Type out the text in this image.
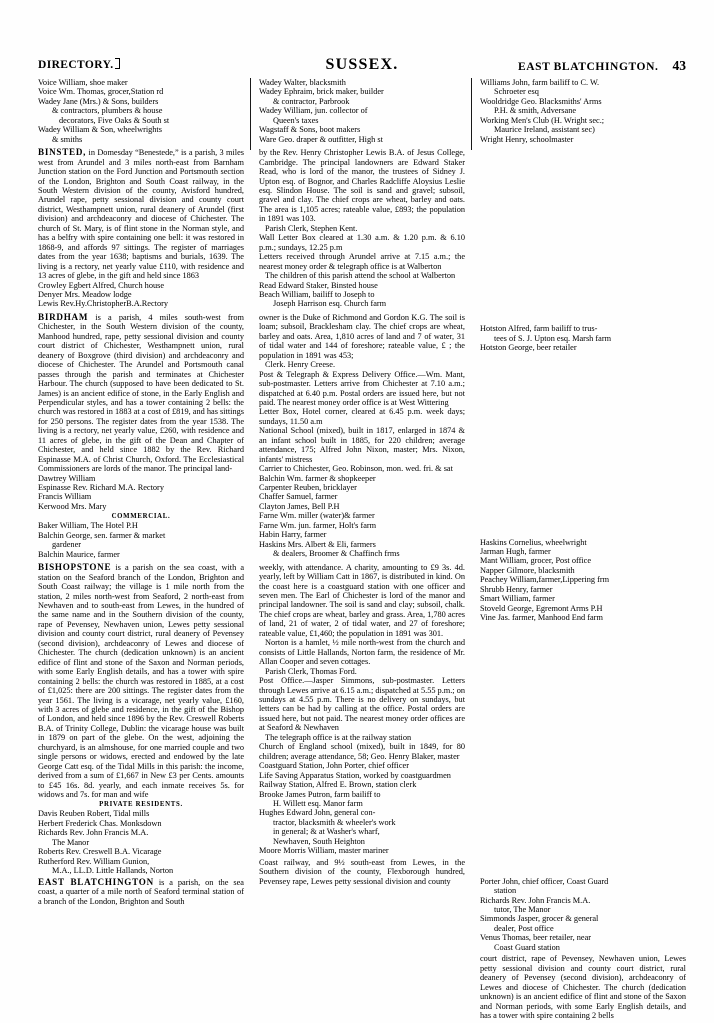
DIRECTORY.	SUSSEX.	EAST BLATCHINGTON. 43
Voice William, shoe maker
Voice Wm. Thomas, grocer,Station rd
Wadey Jane (Mrs.) & Sons, builders
& contractors, plumbers & house
decorators, Five Oaks & South st
Wadey William & Son, wheelwrights
& smiths

BINSTED, in Domesday “Benestede,” is a parish, 3 miles west from Arundel and 3 miles north-east from Barnham Junction station on the Ford Junction and Portsmouth section of the London, Brighton and South Coast railway, in the South Western division of the county, Avisford hundred, Arundel rape, petty sessional division and county court district, Westhampnett union, rural deanery of Arundel (first division) and archdeaconry and diocese of Chichester. The church of St. Mary, is of flint stone in the Norman style, and has a belfry with spire containing one bell: it was restored in 1868-9, and affords 97 sittings. The register of marriages dates from the year 1638; baptisms and burials, 1639. The living is a rectory, net yearly value £110, with residence and 13 acres of glebe, in the gift and held since 1863

Crowley Egbert Alfred, Church house
Denyer Mrs. Meadow lodge
Lewis Rev.Hy.ChristopherB.A.Rectory

BIRDHAM is a parish, 4 miles south-west from Chichester, in the South Western division of the county, Manhood hundred, rape, petty sessional division and county court district of Chichester, Westhampnett union, rural deanery of Boxgrove (third division) and archdeaconry and diocese of Chichester. The Arundel and Portsmouth canal passes through the parish and terminates at Chichester Harbour. The church (supposed to have been dedicated to St. James) is an ancient edifice of stone, in the Early English and Perpendicular styles, and has a tower containing 2 bells: the church was restored in 1883 at a cost of £819, and has sittings for 250 persons. The register dates from the year 1538. The living is a rectory, net yearly value, £260, with residence and 11 acres of glebe, in the gift of the Dean and Chapter of Chichester, and held since 1882 by the Rev. Richard Espinasse M.A. of Christ Church, Oxford. The Ecclesiastical Commissioners are lords of the manor. The principal land-

Dawtrey William
Espinasse Rev. Richard M.A. Rectory
Francis William
Kerwood Mrs. Mary
COMMERCIAL.
Baker William, The Hotel P.H
Balchin George, sen. farmer & market
gardener
Balchin Maurice, farmer

BISHOPSTONE is a parish on the sea coast, with a station on the Seaford branch of the London, Brighton and South Coast railway; the village is 1 mile north from the station, 2 miles north-west from Seaford, 2 north-east from Newhaven and to south-east from Lewes, in the hundred of the same name and in the Southern division of the county, rape of Pevensey, Newhaven union, Lewes petty sessional division and county court district, rural deanery of Pevensey (second division), archdeaconry of Lewes and diocese of Chichester. The church (dedication unknown) is an ancient edifice of flint and stone of the Saxon and Norman periods, with some Early English details, and has a tower with spire containing 2 bells: the church was restored in 1885, at a cost of £1,025: there are 200 sittings. The register dates from the year 1561. The living is a vicarage, net yearly value, £160, with 3 acres of glebe and residence, in the gift of the Bishop of London, and held since 1896 by the Rev. Creswell Roberts B.A. of Trinity College, Dublin: the vicarage house was built in 1879 on part of the glebe. On the west, adjoining the churchyard, is an almshouse, for one married couple and two single persons or widows, erected and endowed by the late George Catt esq. of the Tidal Mills in this parish: the income, derived from a sum of £1,667 in New £3 per Cents. amounts to £45 16s. 8d. yearly, and each inmate receives 5s. for widows and 7s. for man and wife

PRIVATE RESIDENTS.
Davis Reuben Robert, Tidal mills
Herbert Frederick Chas. Monksdown
Richards Rev. John Francis M.A.
The Manor
Roberts Rev. Creswell B.A. Vicarage
Rutherford Rev. William Gunion,
M.A., LL.D. Little Hallands, Norton

EAST BLATCHINGTON is a parish, on the sea coast, a quarter of a mile north of Seaford terminal station of a branch of the London, Brighton and South

Wadey Walter, blacksmith
Wadey Ephraim, brick maker, builder
& contractor, Parbrook
Wadey William, jun. collector of
Queen's taxes
Wagstaff & Sons, boot makers
Ware Geo. draper & outfitter, High st

by the Rev. Henry Christopher Lewis B.A. of Jesus College, Cambridge. The principal landowners are Edward Staker Read, who is lord of the manor, the trustees of Sidney J. Upton esq. of Bognor, and Charles Radcliffe Aloysius Leslie esq. Slindon House. The soil is sand and gravel; subsoil, gravel and clay. The chief crops are wheat, barley and oats. The area is 1,105 acres; rateable value, £893; the population in 1891 was 103.

Parish Clerk, Stephen Kent.

Wall Letter Box cleared at 1.30 a.m. & 1.20 p.m. & 6.10 p.m.; sundays, 12.25 p.m

Letters received through Arundel arrive at 7.15 a.m.; the nearest money order & telegraph office is at Walberton

The children of this parish attend the school at Walberton

Read Edward Staker, Binsted house
Beach William, bailiff to Joseph to
Joseph Harrison esq. Church farm

owner is the Duke of Richmond and Gordon K.G. The soil is loam; subsoil, Bracklesham clay. The chief crops are wheat, barley and oats. Area, 1,810 acres of land and 7 of water, 31 of tidal water and 144 of foreshore; rateable value, £ ; the population in 1891 was 453;

Clerk. Henry Creese.

Post & Telegraph & Express Delivery Office.—Wm. Mant, sub-postmaster. Letters arrive from Chichester at 7.10 a.m.; dispatched at 6.40 p.m. Postal orders are issued here, but not paid. The nearest money order office is at West Wittering

Letter Box, Hotel corner, cleared at 6.45 p.m. week days; sundays, 11.50 a.m

National School (mixed), built in 1817, enlarged in 1874 & an infant school built in 1885, for 220 children; average attendance, 175; Alfred John Nixon, master; Mrs. Nixon, infants' mistress

Carrier to Chichester, Geo. Robinson, mon. wed. fri. & sat

Balchin Wm. farmer & shopkeeper
Carpenter Reuben, bricklayer
Chaffer Samuel, farmer
Clayton James, Bell P.H
Farne Wm. miller (water)& farmer
Farne Wm. jun. farmer, Holt's farm
Habin Harry, farmer
Haskins Mrs. Albert & Eli, farmers
& dealers, Broomer & Chaffinch frms

weekly, with attendance. A charity, amounting to £9 3s. 4d. yearly, left by William Catt in 1867, is distributed in kind. On the coast here is a coastguard station with one officer and seven men. The Earl of Chichester is lord of the manor and principal landowner. The soil is sand and clay; subsoil, chalk. The chief crops are wheat, barley and grass. Area, 1,780 acres of land, 21 of water, 2 of tidal water, and 27 of foreshore; rateable value, £1,460; the population in 1891 was 301.

Norton is a hamlet, ½ mile north-west from the church and consists of Little Hallands, Norton farm, the residence of Mr. Allan Cooper and seven cottages.

Parish Clerk, Thomas Ford.

Post Office.—Jasper Simmons, sub-postmaster. Letters through Lewes arrive at 6.15 a.m.; dispatched at 5.55 p.m.; on sundays at 4.55 p.m. There is no delivery on sundays, but letters can be had by calling at the office. Postal orders are issued here, but not paid. The nearest money order offices are at Seaford & Newhaven

The telegraph office is at the railway station

Church of England school (mixed), built in 1849, for 80 children; average attendance, 58; Geo. Henry Blaker, master

Coastguard Station, John Porter, chief officer

Life Saving Apparatus Station, worked by coastguardmen

Railway Station, Alfred E. Brown, station clerk

Brooke James Putron, farm bailiff to
H. Willett esq. Manor farm
Hughes Edward John, general con-
tractor, blacksmith & wheeler's work
in general; & at Washer's wharf,
Newhaven, South Heighton
Moore Morris William, master mariner

Coast railway, and 9½ south-east from Lewes, in the Southern division of the county, Flexborough hundred, Pevensey rape, Lewes petty sessional division and county

Williams John, farm bailiff to C. W.
Schroeter esq
Wooldridge Geo. Blacksmiths' Arms
P.H. & smith, Adversane
Working Men's Club (H. Wright sec.;
Maurice Ireland, assistant sec)
Wright Henry, schoolmaster
Hotston Alfred, farm bailiff to trus-
tees of S. J. Upton esq. Marsh farm
Hotston George, beer retailer
Haskins Cornelius, wheelwright
Jarman Hugh, farmer
Mant William, grocer, Post office
Napper Gilmore, blacksmith
Peachey William,farmer,Lippering frm
Shrubb Henry, farmer
Smart William, farmer
Stoveld George, Egremont Arms P.H
Vine Jas. farmer, Manhood End farm
Porter John, chief officer, Coast Guard
station
Richards Rev. John Francis M.A.
tutor, The Manor
Simmonds Jasper, grocer & general
dealer, Post office
Venus Thomas, beer retailer, near
Coast Guard station

court district, rape of Pevensey, Newhaven union, Lewes petty sessional division and county court district, rural deanery of Pevensey (second division), archdeaconry of Lewes and diocese of Chichester. The church (dedication unknown) is an ancient edifice of flint and stone of the Saxon and Norman periods, with some Early English details, and has a tower with spire containing 2 bells
